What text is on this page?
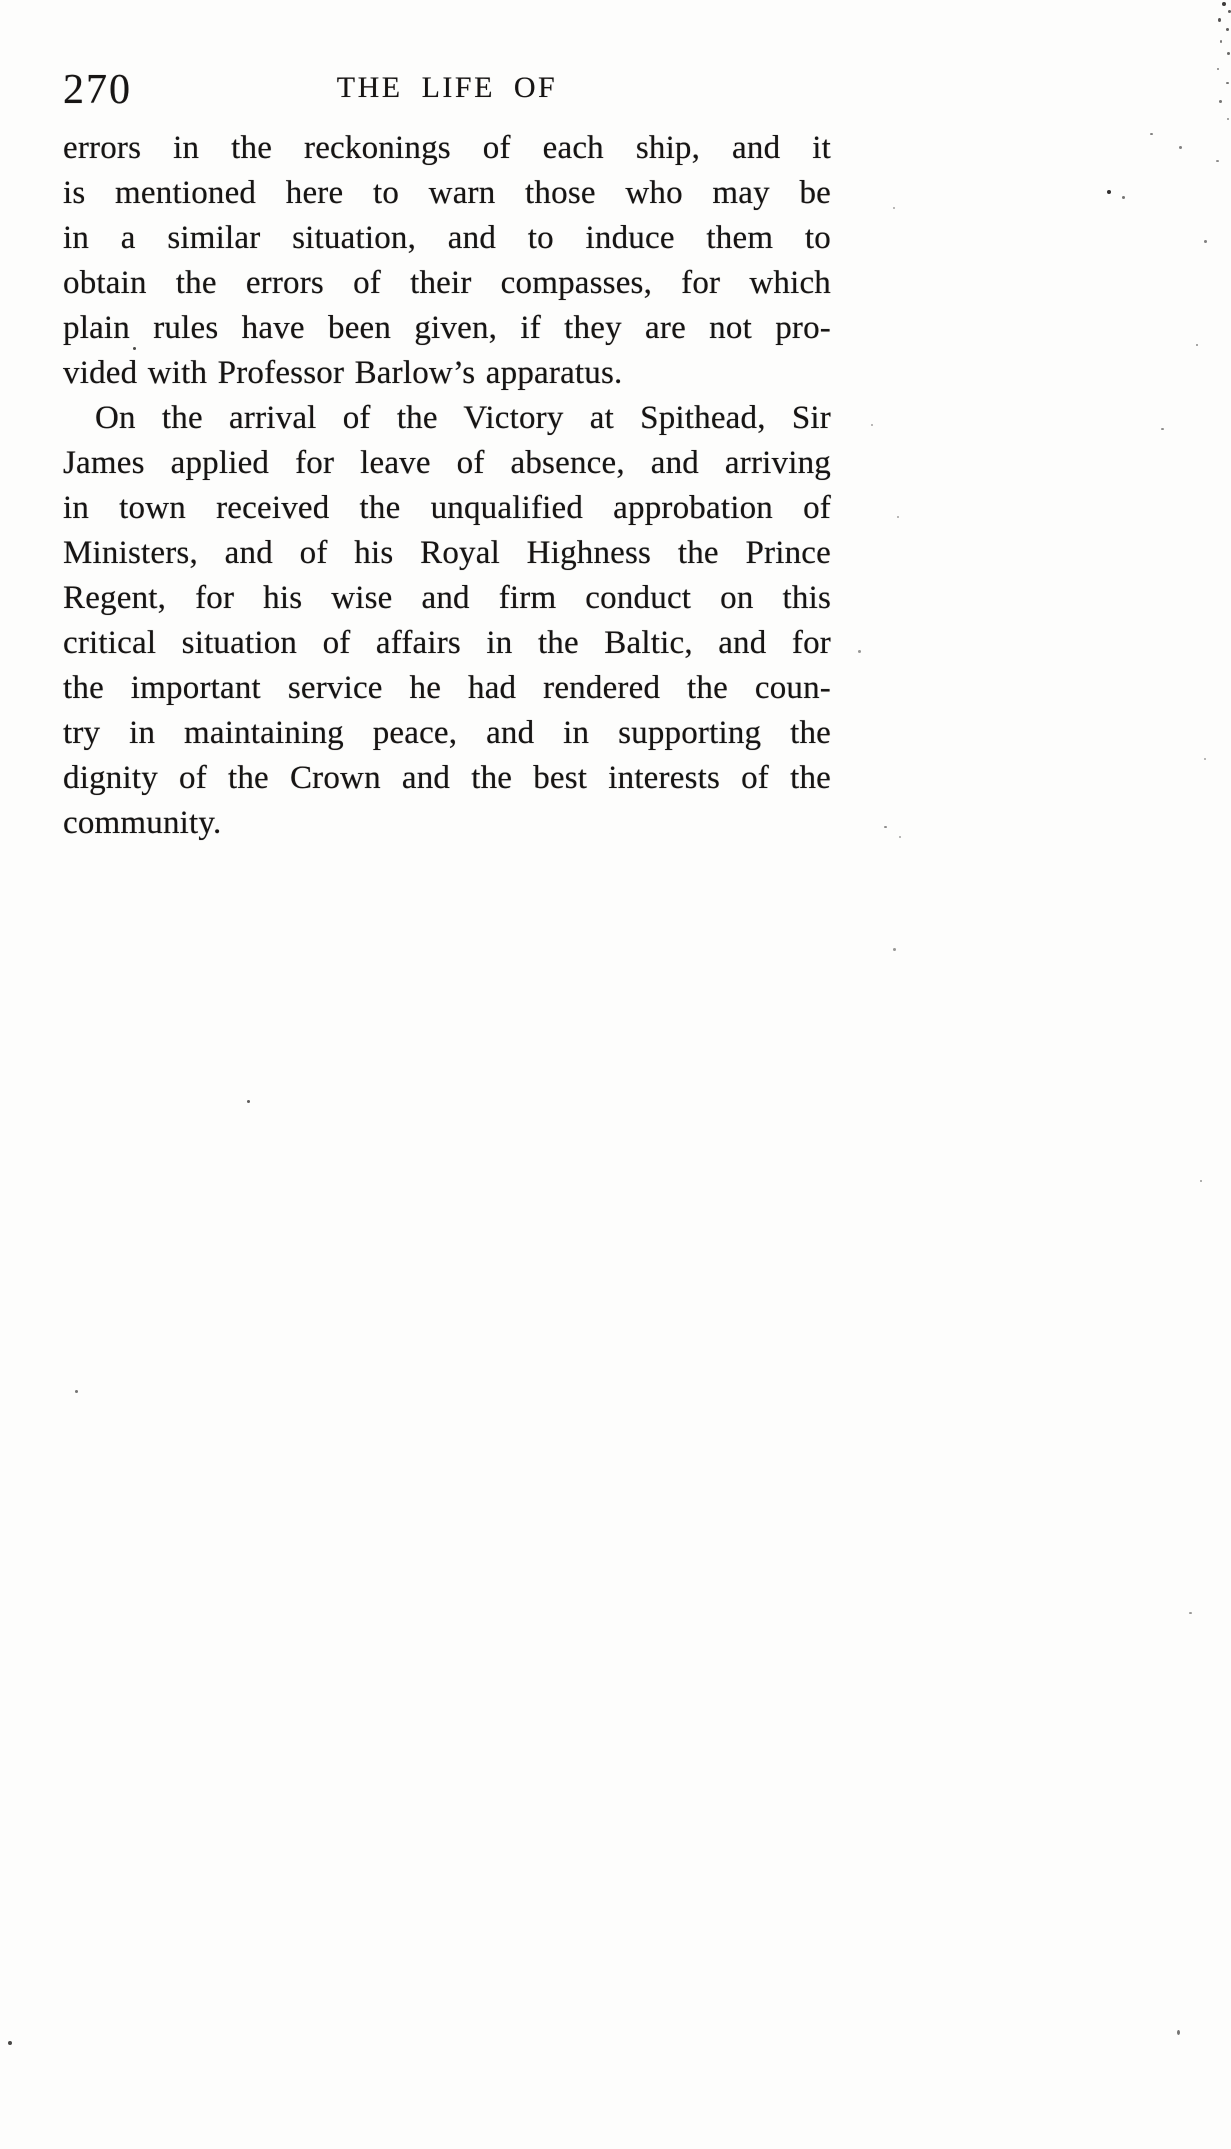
270	THE LIFE OF
errors in the reckonings of each ship, and it
is mentioned here to warn those who may be
in a similar situation, and to induce them to
obtain the errors of their compasses, for which
plain rules have been given, if they are not pro-
vided with Professor Barlow’s apparatus.
On the arrival of the Victory at Spithead, Sir
James applied for leave of absence, and arriving
in town received the unqualified approbation of
Ministers, and of his Royal Highness the Prince
Regent, for his wise and firm conduct on this
critical situation of affairs in the Baltic, and for
the important service he had rendered the coun-
try in maintaining peace, and in supporting the
dignity of the Crown and the best interests of the
community.
